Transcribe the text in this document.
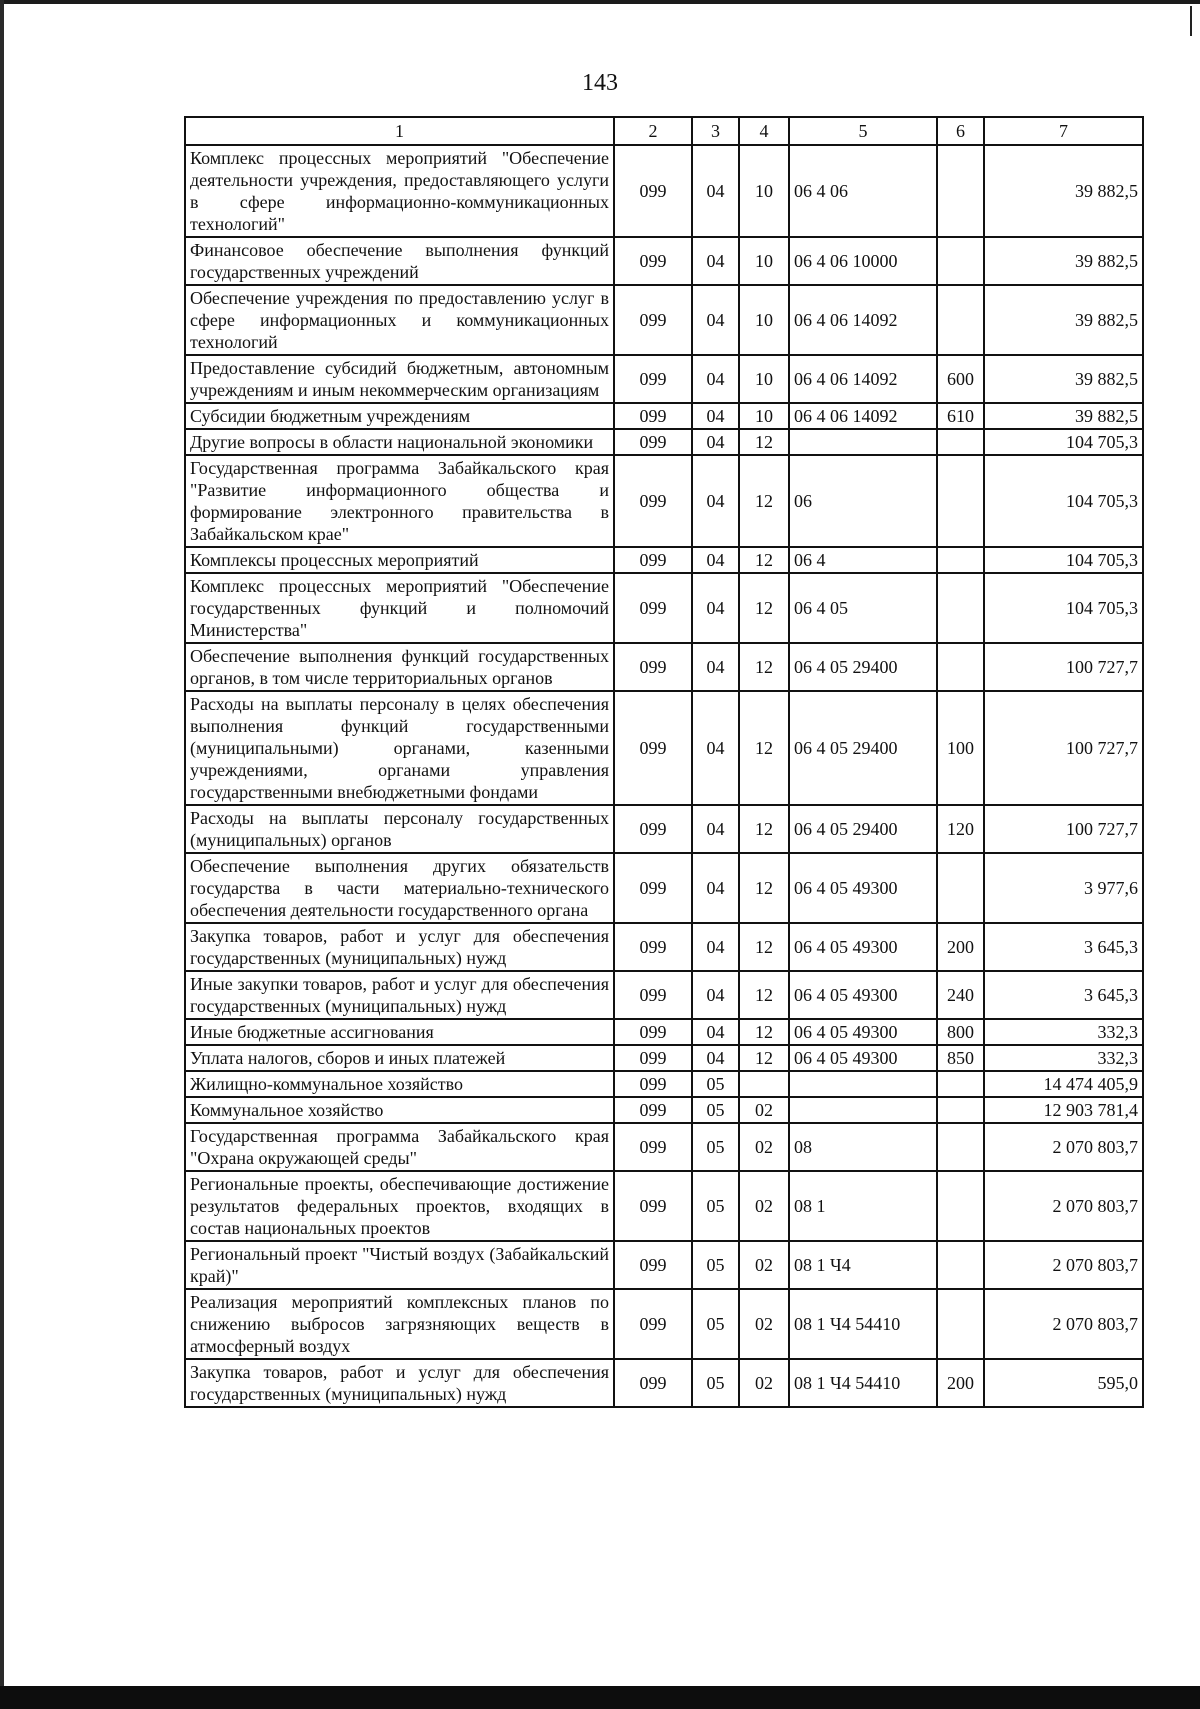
143
1	2	3	4	5	6	7
Комплекс процессных мероприятий "Обеспечение деятельности учреждения, предоставляющего услуги в сфере информационно-коммуникационных технологий"	099	04	10	06 4 06		39 882,5
Финансовое обеспечение выполнения функций государственных учреждений	099	04	10	06 4 06 10000		39 882,5
Обеспечение учреждения по предоставлению услуг в сфере информационных и коммуникационных технологий	099	04	10	06 4 06 14092		39 882,5
Предоставление субсидий бюджетным, автономным учреждениям и иным некоммерческим организациям	099	04	10	06 4 06 14092	600	39 882,5
Субсидии бюджетным учреждениям	099	04	10	06 4 06 14092	610	39 882,5
Другие вопросы в области национальной экономики	099	04	12			104 705,3
Государственная программа Забайкальского края "Развитие информационного общества и формирование электронного правительства в Забайкальском крае"	099	04	12	06		104 705,3
Комплексы процессных мероприятий	099	04	12	06 4		104 705,3
Комплекс процессных мероприятий "Обеспечение государственных функций и полномочий Министерства"	099	04	12	06 4 05		104 705,3
Обеспечение выполнения функций государственных органов, в том числе территориальных органов	099	04	12	06 4 05 29400		100 727,7
Расходы на выплаты персоналу в целях обеспечения выполнения функций государственными (муниципальными) органами, казенными учреждениями, органами управления государственными внебюджетными фондами	099	04	12	06 4 05 29400	100	100 727,7
Расходы на выплаты персоналу государственных (муниципальных) органов	099	04	12	06 4 05 29400	120	100 727,7
Обеспечение выполнения других обязательств государства в части материально-технического обеспечения деятельности государственного органа	099	04	12	06 4 05 49300		3 977,6
Закупка товаров, работ и услуг для обеспечения государственных (муниципальных) нужд	099	04	12	06 4 05 49300	200	3 645,3
Иные закупки товаров, работ и услуг для обеспечения государственных (муниципальных) нужд	099	04	12	06 4 05 49300	240	3 645,3
Иные бюджетные ассигнования	099	04	12	06 4 05 49300	800	332,3
Уплата налогов, сборов и иных платежей	099	04	12	06 4 05 49300	850	332,3
Жилищно-коммунальное хозяйство	099	05				14 474 405,9
Коммунальное хозяйство	099	05	02			12 903 781,4
Государственная программа Забайкальского края "Охрана окружающей среды"	099	05	02	08		2 070 803,7
Региональные проекты, обеспечивающие достижение результатов федеральных проектов, входящих в состав национальных проектов	099	05	02	08 1		2 070 803,7
Региональный проект "Чистый воздух (Забайкальский край)"	099	05	02	08 1 Ч4		2 070 803,7
Реализация мероприятий комплексных планов по снижению выбросов загрязняющих веществ в атмосферный воздух	099	05	02	08 1 Ч4 54410		2 070 803,7
Закупка товаров, работ и услуг для обеспечения государственных (муниципальных) нужд	099	05	02	08 1 Ч4 54410	200	595,0
